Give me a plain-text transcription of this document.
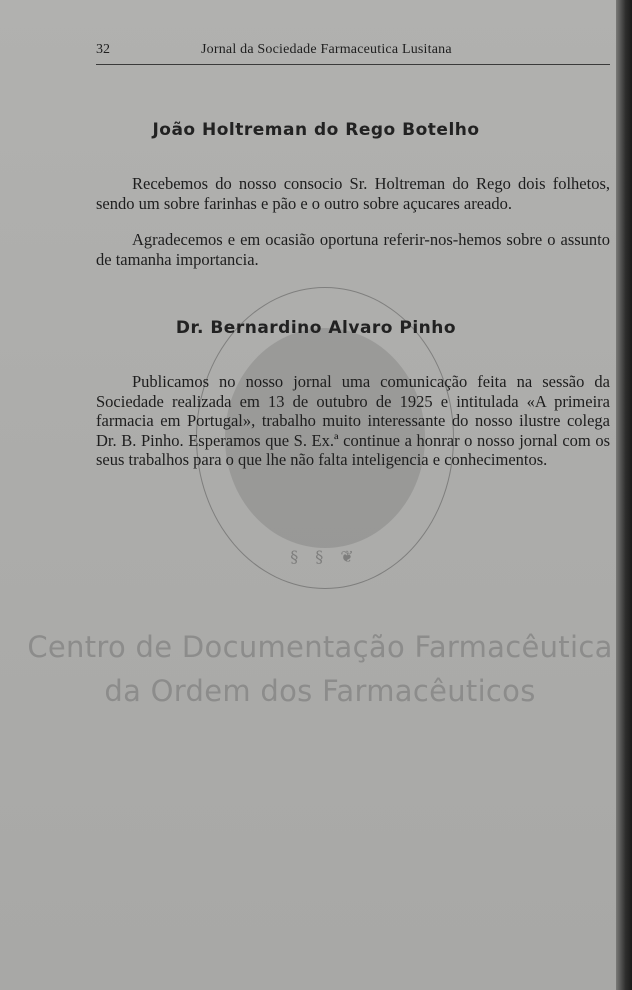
32	Jornal da Sociedade Farmaceutica Lusitana
João Holtreman do Rego Botelho

Recebemos do nosso consocio Sr. Holtreman do Rego dois folhetos, sendo um sobre farinhas e pão e o outro sobre açucares areado.

Agradecemos e em ocasião oportuna referir-nos-hemos sobre o assunto de tamanha importancia.

§ § ❦
Dr. Bernardino Alvaro Pinho

Publicamos no nosso jornal uma comunicação feita na sessão da Sociedade realizada em 13 de outubro de 1925 e intitulada «A primeira farmacia em Portugal», trabalho muito interessante do nosso ilustre colega Dr. B. Pinho. Esperamos que S. Ex.ª continue a honrar o nosso jornal com os seus trabalhos para o que lhe não falta inteligencia e conhecimentos.

Centro de Documentação Farmacêutica
da Ordem dos Farmacêuticos
